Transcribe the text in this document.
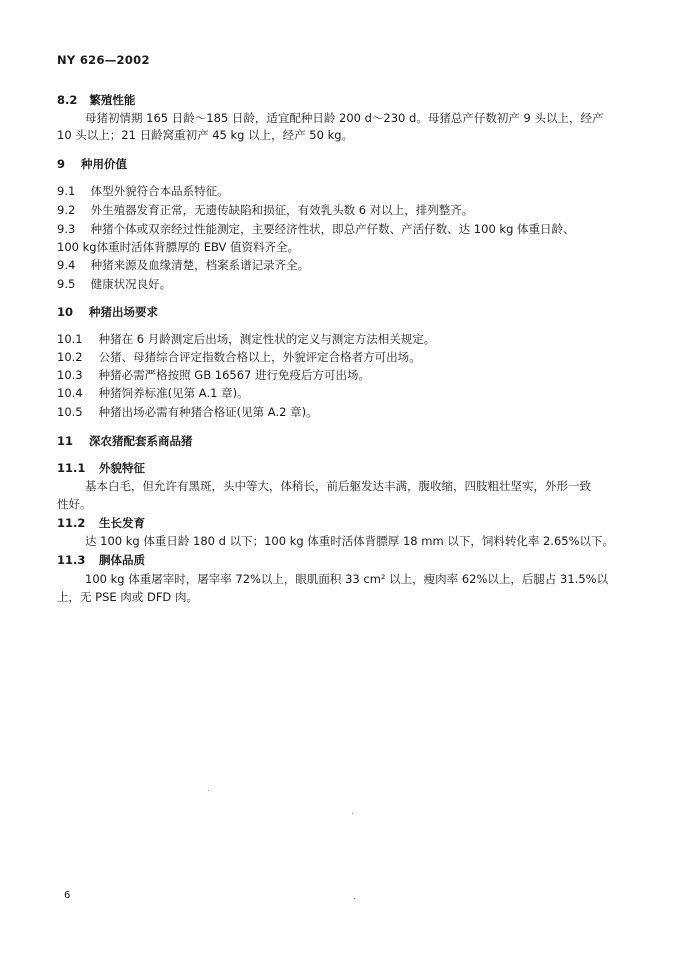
NY 626—2002
8.2 繁殖性能
母猪初情期 165 日龄～185 日龄，适宜配种日龄 200 d～230 d。母猪总产仔数初产 9 头以上，经产
10 头以上；21 日龄窝重初产 45 kg 以上，经产 50 kg。
9 种用价值
9.1 体型外貌符合本品系特征。
9.2 外生殖器发育正常，无遗传缺陷和损征，有效乳头数 6 对以上，排列整齐。
9.3 种猪个体或双亲经过性能测定，主要经济性状，即总产仔数、产活仔数、达 100 kg 体重日龄、
100 kg体重时活体背膘厚的 EBV 值资料齐全。
9.4 种猪来源及血缘清楚，档案系谱记录齐全。
9.5 健康状况良好。
10 种猪出场要求
10.1 种猪在 6 月龄测定后出场，测定性状的定义与测定方法相关规定。
10.2 公猪、母猪综合评定指数合格以上，外貌评定合格者方可出场。
10.3 种猪必需严格按照 GB 16567 进行免疫后方可出场。
10.4 种猪饲养标准(见第 A.1 章)。
10.5 种猪出场必需有种猪合格证(见第 A.2 章)。
11 深农猪配套系商品猪
11.1 外貌特征
基本白毛，但允许有黑斑，头中等大，体稍长，前后躯发达丰满，腹收缩，四肢粗壮坚实，外形一致
性好。
11.2 生长发育
达 100 kg 体重日龄 180 d 以下；100 kg 体重时活体背膘厚 18 mm 以下，饲料转化率 2.65%以下。
11.3 胴体品质
100 kg 体重屠宰时，屠宰率 72%以上，眼肌面积 33 cm² 以上，瘦肉率 62%以上，后腿占 31.5%以
上，无 PSE 肉或 DFD 肉。
6
